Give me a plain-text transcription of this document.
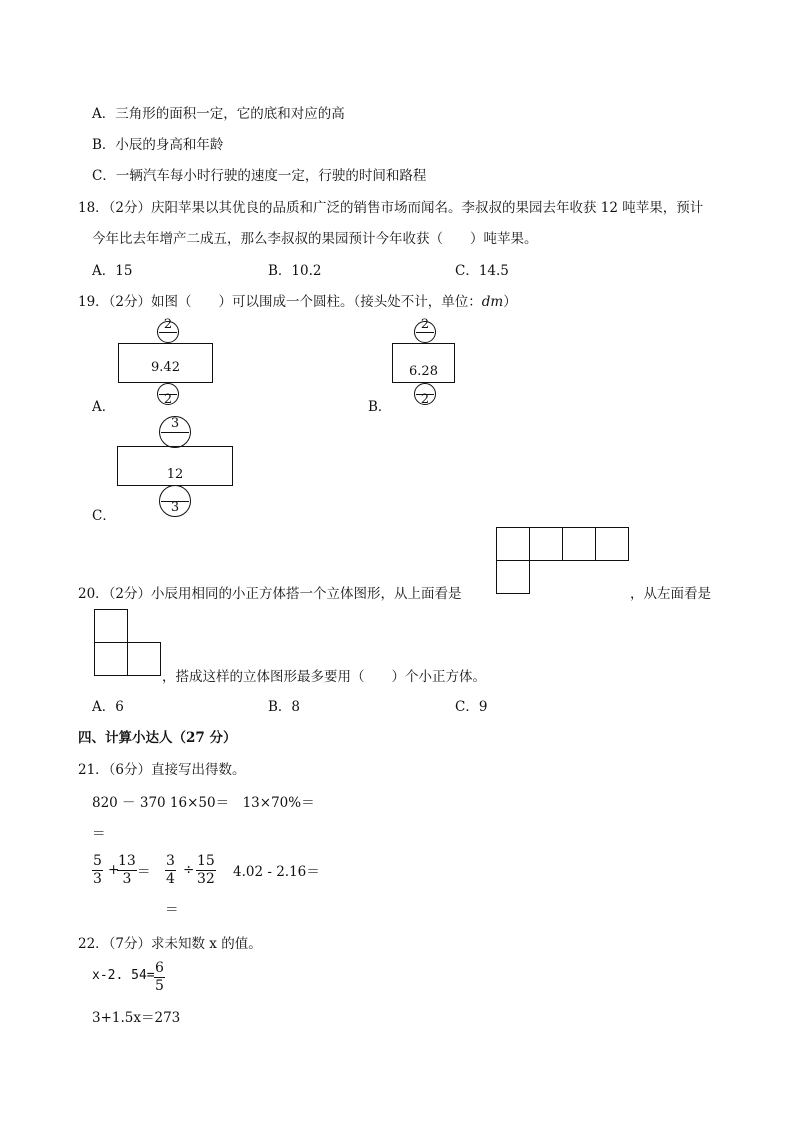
A．三角形的面积一定，它的底和对应的高
B．小辰的身高和年龄
C．一辆汽车每小时行驶的速度一定，行驶的时间和路程
18．（2分）庆阳苹果以其优良的品质和广泛的销售市场而闻名。李叔叔的果园去年收获 12 吨苹果，预计
今年比去年增产二成五，那么李叔叔的果园预计今年收获（　　）吨苹果。
A．15	B．10.2	C．14.5
19．（2分）如图（　　）可以围成一个圆柱。（接头处不计，单位：dm）
2
9.42
2
A．
2
6.28
2
B．
3
12
3
C．
20．（2分）小辰用相同的小正方体搭一个立体图形，从上面看是	，从左面看是
，搭成这样的立体图形最多要用（　　）个小正方体。
A．6	B．8	C．9
四、计算小达人（27 分）
21．（6分）直接写出得数。
820 － 370 16×50＝　13×70%＝
＝
5
3
+
13
3 ＝
3
4
÷
15
32 4.02 - 2.16＝
＝
22．（7分）求未知数 x 的值。
x-2. 54= 6
5
3+1.5x＝273
